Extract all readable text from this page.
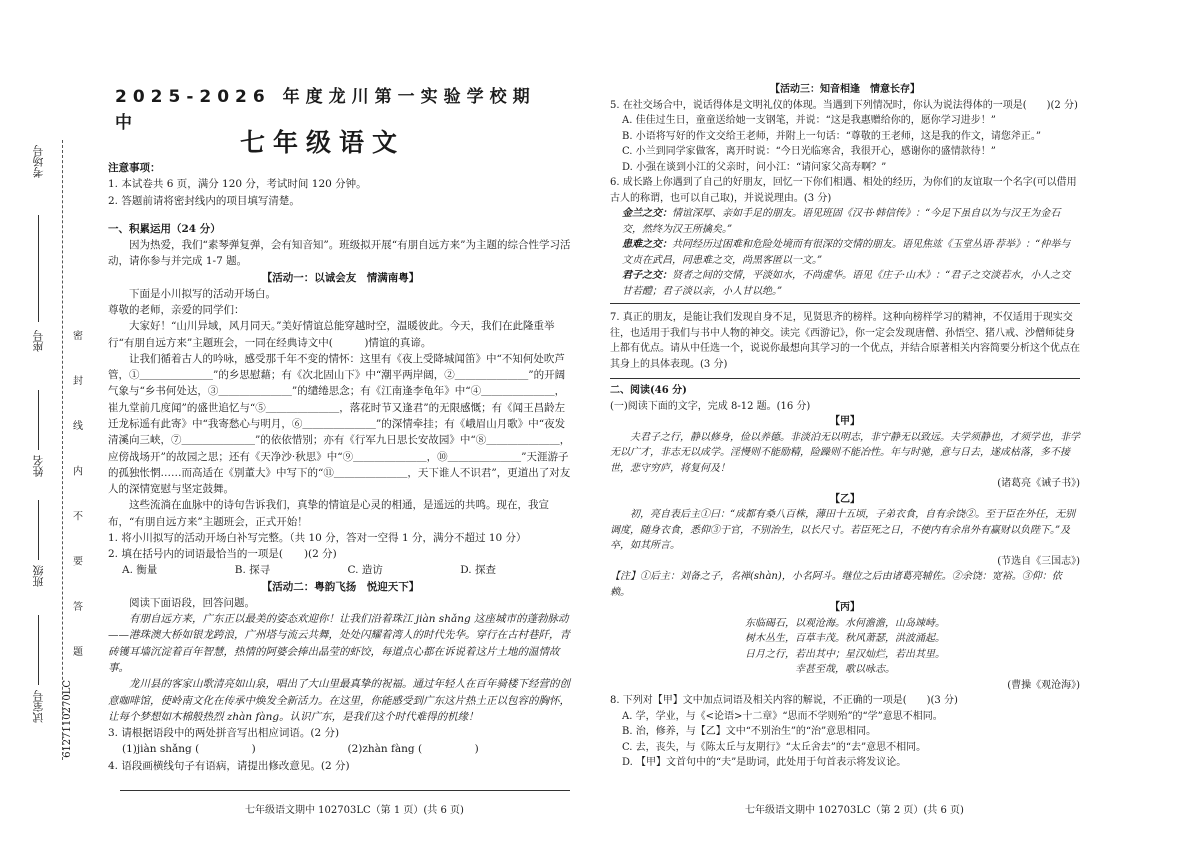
考场号
座号
姓名
班级
试室号 6127110270LC
密 封 线 内 不 要 答 题
2025-2026 年度龙川第一实验学校期中
七年级语文

注意事项：

1. 本试卷共 6 页，满分 120 分，考试时间 120 分钟。

2. 答题前请将密封线内的项目填写清楚。

一、积累运用（24 分）

因为热爱，我们“素琴弹复弹，会有知音知”。班级拟开展“有朋自远方来”为主题的综合性学习活动，请你参与并完成 1-7 题。

【活动一：以诚会友　情满南粤】

下面是小川拟写的活动开场白。

尊敬的老师，亲爱的同学们：

大家好！“山川异域，风月同天。”美好情谊总能穿越时空，温暖彼此。今天，我们在此隆重举行“有朋自远方来”主题班会，一同在经典诗文中(　　　)情谊的真谛。

让我们循着古人的吟咏，感受那千年不变的情怀：这里有《夜上受降城闻笛》中“不知何处吹芦管，①＿＿＿＿＿＿＿”的乡思慰藉；有《次北固山下》中“潮平两岸阔，②＿＿＿＿＿＿＿”的开阔气象与“乡书何处达，③＿＿＿＿＿＿＿”的缱绻思念；有《江南逢李龟年》中“④＿＿＿＿＿＿＿，崔九堂前几度闻”的盛世追忆与“⑤＿＿＿＿＿＿＿，落花时节又逢君”的无限感慨；有《闻王昌龄左迁龙标遥有此寄》中“我寄愁心与明月，⑥＿＿＿＿＿＿＿”的深情牵挂；有《峨眉山月歌》中“夜发清溪向三峡，⑦＿＿＿＿＿＿＿”的依依惜别；亦有《行军九日思长安故园》中“⑧＿＿＿＿＿＿＿，应傍战场开”的故园之思；还有《天净沙·秋思》中“⑨＿＿＿＿＿＿＿，⑩＿＿＿＿＿＿＿”天涯游子的孤独怅惘……而高适在《别董大》中写下的“⑪＿＿＿＿＿＿＿，天下谁人不识君”，更道出了对友人的深情宽慰与坚定鼓舞。

这些流淌在血脉中的诗句告诉我们，真挚的情谊是心灵的相通，是遥远的共鸣。现在，我宣布，“有朋自远方来”主题班会，正式开始！

1. 将小川拟写的活动开场白补写完整。（共 10 分，答对一空得 1 分，满分不超过 10 分）

2. 填在括号内的词语最恰当的一项是(　　)(2 分)

A. 衡量	B. 探寻	C. 造访	D. 探查

【活动二：粤韵飞扬　悦迎天下】

阅读下面语段，回答问题。

有朋自远方来，广东正以最美的姿态欢迎你！让我们沿着珠江 jiàn shǎng 这座城市的蓬勃脉动——港珠澳大桥如银龙跨浪，广州塔与流云共舞，处处闪耀着湾人的时代先华。穿行在古村巷阡，青砖镬耳墙沉淀着百年智慧，热情的阿婆会捧出晶莹的虾饺，每道点心都在诉说着这片土地的温情故事。

龙川县的客家山歌清亮如山泉，唱出了大山里最真挚的祝福。通过年轻人在百年骑楼下经营的创意咖啡馆，使岭南文化在传承中焕发全新活力。在这里，你能感受到广东这片热土正以包容的胸怀，让每个梦想如木棉般热烈 zhàn fàng。认识广东，是我们这个时代难得的机缘！

3. 请根据语段中的两处拼音写出相应词语。(2 分)

(1)jiàn shǎng (　　　　　)	(2)zhàn fàng (　　　　　)

4. 语段画横线句子有语病，请提出修改意见。(2 分)

七年级语文期中 102703LC（第 1 页）(共 6 页)

【活动三：知音相逢　情意长存】

5. 在社交场合中，说话得体是文明礼仪的体现。当遇到下列情况时，你认为说法得体的一项是(　　)(2 分)

A. 佳佳过生日，童童送给她一支钢笔，并说：“这是我惠赠给你的，愿你学习进步！”

B. 小语将写好的作文交给王老师，并附上一句话：“尊敬的王老师，这是我的作文，请您斧正。”

C. 小兰到同学家做客，离开时说：“今日光临寒舍，我很开心，感谢你的盛情款待！”

D. 小强在谈到小江的父亲时，问小江：“请问家父高寿啊？”

6. 成长路上你遇到了自己的好朋友，回忆一下你们相遇、相处的经历，为你们的友谊取一个名字(可以借用古人的称谓，也可以自己取)，并说说理由。(3 分)

金兰之交：情谊深厚、亲如手足的朋友。语见班固《汉书·韩信传》：“今足下虽自以为与汉王为金石交，然终为汉王所擒矣。”

患难之交：共同经历过困难和危险处境而有很深的交情的朋友。语见焦竑《玉堂丛语·荐举》：“仲举与文贞在武昌，同患难之交，尚黑客匿以一文。”

君子之交：贤者之间的交情，平淡如水，不尚虚华。语见《庄子·山木》：“君子之交淡若水，小人之交甘若醴；君子淡以亲，小人甘以绝。”

7. 真正的朋友，是能让我们发现自身不足，见贤思齐的榜样。这种向榜样学习的精神，不仅适用于现实交往，也适用于我们与书中人物的神交。读完《西游记》，你一定会发现唐僧、孙悟空、猪八戒、沙僧师徒身上都有优点。请从中任选一个，说说你最想向其学习的一个优点，并结合原著相关内容简要分析这个优点在其身上的具体表现。(3 分)

二、阅读(46 分)

(一)阅读下面的文字，完成 8-12 题。(16 分)

【甲】

夫君子之行，静以修身，俭以养德。非淡泊无以明志，非宁静无以致远。夫学须静也，才须学也，非学无以广才，非志无以成学。淫慢则不能励精，险躁则不能冶性。年与时驰，意与日去，遂成枯落，多不接世，悲守穷庐，将复何及！

(诸葛亮《诫子书》)

【乙】

初，亮自表后主①曰：“成都有桑八百株，薄田十五顷，子弟衣食，自有余饶②。至于臣在外任，无别调度，随身衣食，悉仰③于官，不别治生，以长尺寸。若臣死之日，不使内有余帛外有赢财以负陛下。”及卒，如其所言。

(节选自《三国志》)

【注】①后主：刘备之子，名禅(shàn)，小名阿斗。继位之后由诸葛亮辅佐。②余饶：宽裕。③仰：依赖。

【丙】

东临碣石，以观沧海。水何澹澹，山岛竦峙。

树木丛生，百草丰茂。秋风萧瑟，洪波涌起。

日月之行，若出其中；星汉灿烂，若出其里。

幸甚至哉，歌以咏志。

(曹操《观沧海》)

8. 下列对【甲】文中加点词语及相关内容的解说，不正确的一项是(　　)(3 分)

A. 学，学业，与《<论语>十二章》“思而不学则殆”的“学”意思不相同。

B. 治，修养，与【乙】文中“不别治生”的“治”意思相同。

C. 去，丧失，与《陈太丘与友期行》“太丘舍去”的“去”意思不相同。

D. 【甲】文首句中的“夫”是助词，此处用于句首表示将发议论。

七年级语文期中 102703LC（第 2 页）(共 6 页)
